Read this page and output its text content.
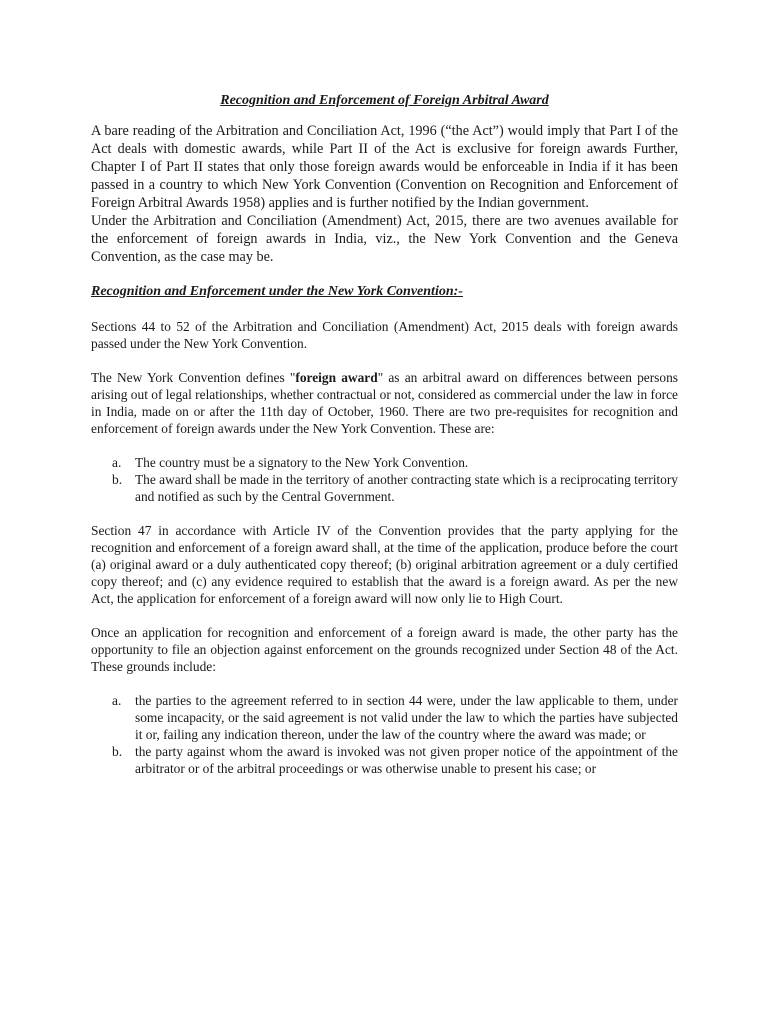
Recognition and Enforcement of Foreign Arbitral Award

A bare reading of the Arbitration and Conciliation Act, 1996 (“the Act”) would imply that Part I of the Act deals with domestic awards, while Part II of the Act is exclusive for foreign awards Further, Chapter I of Part II states that only those foreign awards would be enforceable in India if it has been passed in a country to which New York Convention (Convention on Recognition and Enforcement of Foreign Arbitral Awards 1958) applies and is further notified by the Indian government.

Under the Arbitration and Conciliation (Amendment) Act, 2015, there are two avenues available for the enforcement of foreign awards in India, viz., the New York Convention and the Geneva Convention, as the case may be.

Recognition and Enforcement under the New York Convention:-

Sections 44 to 52 of the Arbitration and Conciliation (Amendment) Act, 2015 deals with foreign awards passed under the New York Convention.

The New York Convention defines "foreign award" as an arbitral award on differences between persons arising out of legal relationships, whether contractual or not, considered as commercial under the law in force in India, made on or after the 11th day of October, 1960. There are two pre-requisites for recognition and enforcement of foreign awards under the New York Convention. These are:

a. The country must be a signatory to the New York Convention.
b. The award shall be made in the territory of another contracting state which is a reciprocating territory and notified as such by the Central Government.

Section 47 in accordance with Article IV of the Convention provides that the party applying for the recognition and enforcement of a foreign award shall, at the time of the application, produce before the court (a) original award or a duly authenticated copy thereof; (b) original arbitration agreement or a duly certified copy thereof; and (c) any evidence required to establish that the award is a foreign award. As per the new Act, the application for enforcement of a foreign award will now only lie to High Court.

Once an application for recognition and enforcement of a foreign award is made, the other party has the opportunity to file an objection against enforcement on the grounds recognized under Section 48 of the Act. These grounds include:

a. the parties to the agreement referred to in section 44 were, under the law applicable to them, under some incapacity, or the said agreement is not valid under the law to which the parties have subjected it or, failing any indication thereon, under the law of the country where the award was made; or
b. the party against whom the award is invoked was not given proper notice of the appointment of the arbitrator or of the arbitral proceedings or was otherwise unable to present his case; or
